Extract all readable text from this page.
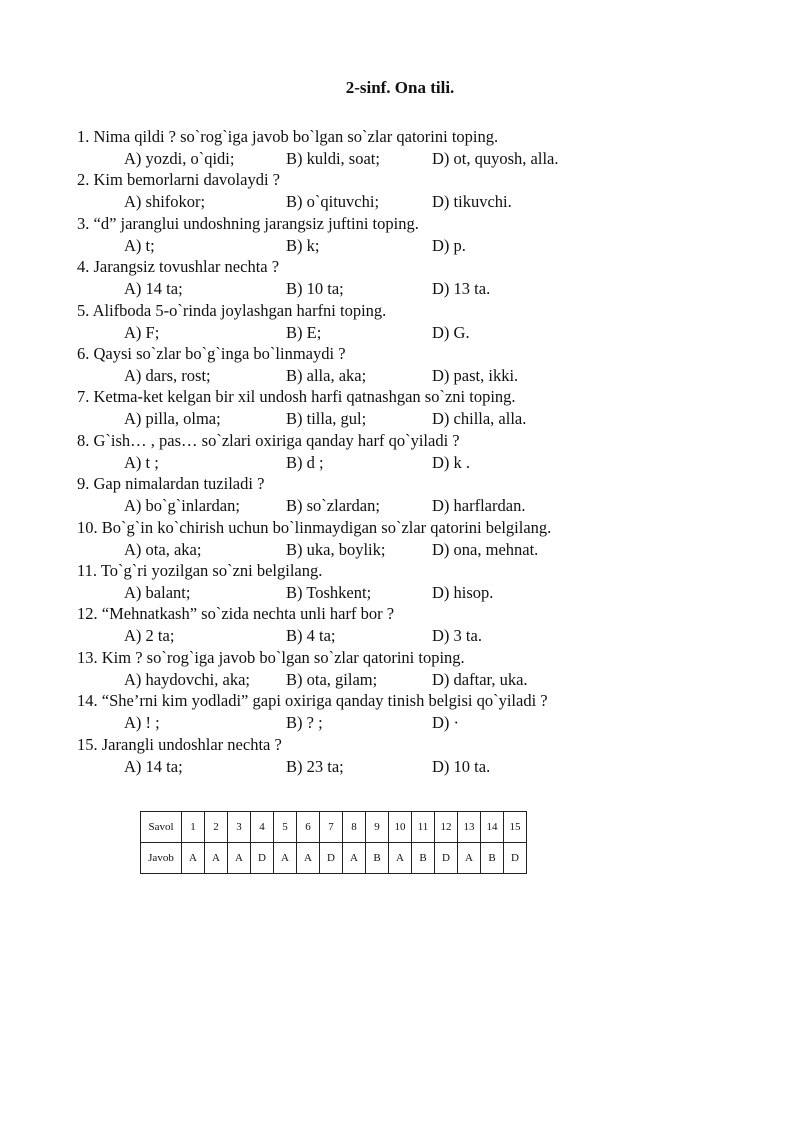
2-sinf. Ona tili.
1. Nima qildi ? so`rog`iga javob bo`lgan so`zlar qatorini toping.
A) yozdi, o`qidi;	B) kuldi, soat;	D) ot, quyosh, alla.
2. Kim bemorlarni davolaydi ?
A) shifokor;	B) o`qituvchi;	D) tikuvchi.
3. “d” jaranglui undoshning jarangsiz juftini toping.
A) t;	B) k;	D) p.
4. Jarangsiz tovushlar nechta ?
A) 14 ta;	B) 10 ta;	D) 13 ta.
5. Alifboda 5-o`rinda joylashgan harfni toping.
A) F;	B) E;	D) G.
6. Qaysi so`zlar bo`g`inga bo`linmaydi ?
A) dars, rost;	B) alla, aka;	D) past, ikki.
7. Ketma-ket kelgan bir xil undosh harfi qatnashgan so`zni toping.
A) pilla, olma;	B) tilla, gul;	D) chilla, alla.
8. G`ish… , pas… so`zlari oxiriga qanday harf qo`yiladi ?
A) t ;	B) d ;	D) k .
9. Gap nimalardan tuziladi ?
A) bo`g`inlardan;	B) so`zlardan;	D) harflardan.
10. Bo`g`in ko`chirish uchun bo`linmaydigan so`zlar qatorini belgilang.
A) ota, aka;	B) uka, boylik;	D) ona, mehnat.
11. To`g`ri yozilgan so`zni belgilang.
A) balant;	B) Toshkent;	D) hisop.
12. “Mehnatkash” so`zida nechta unli harf bor ?
A) 2 ta;	B) 4 ta;	D) 3 ta.
13. Kim ? so`rog`iga javob bo`lgan so`zlar qatorini toping.
A) haydovchi, aka; B) ota, gilam;	D) daftar, uka.
14. “She’rni kim yodladi” gapi oxiriga qanday tinish belgisi qo`yiladi ?
A) ! ;	B) ? ;	D) ·
15. Jarangli undoshlar nechta ?
A) 14 ta;	B) 23 ta;	D) 10 ta.
Savol	1	2	3	4	5	6	7	8	9	10	11	12	13	14	15
Javob	A	A	A	D	A	A	D	A	B	A	B	D	A	B	D
